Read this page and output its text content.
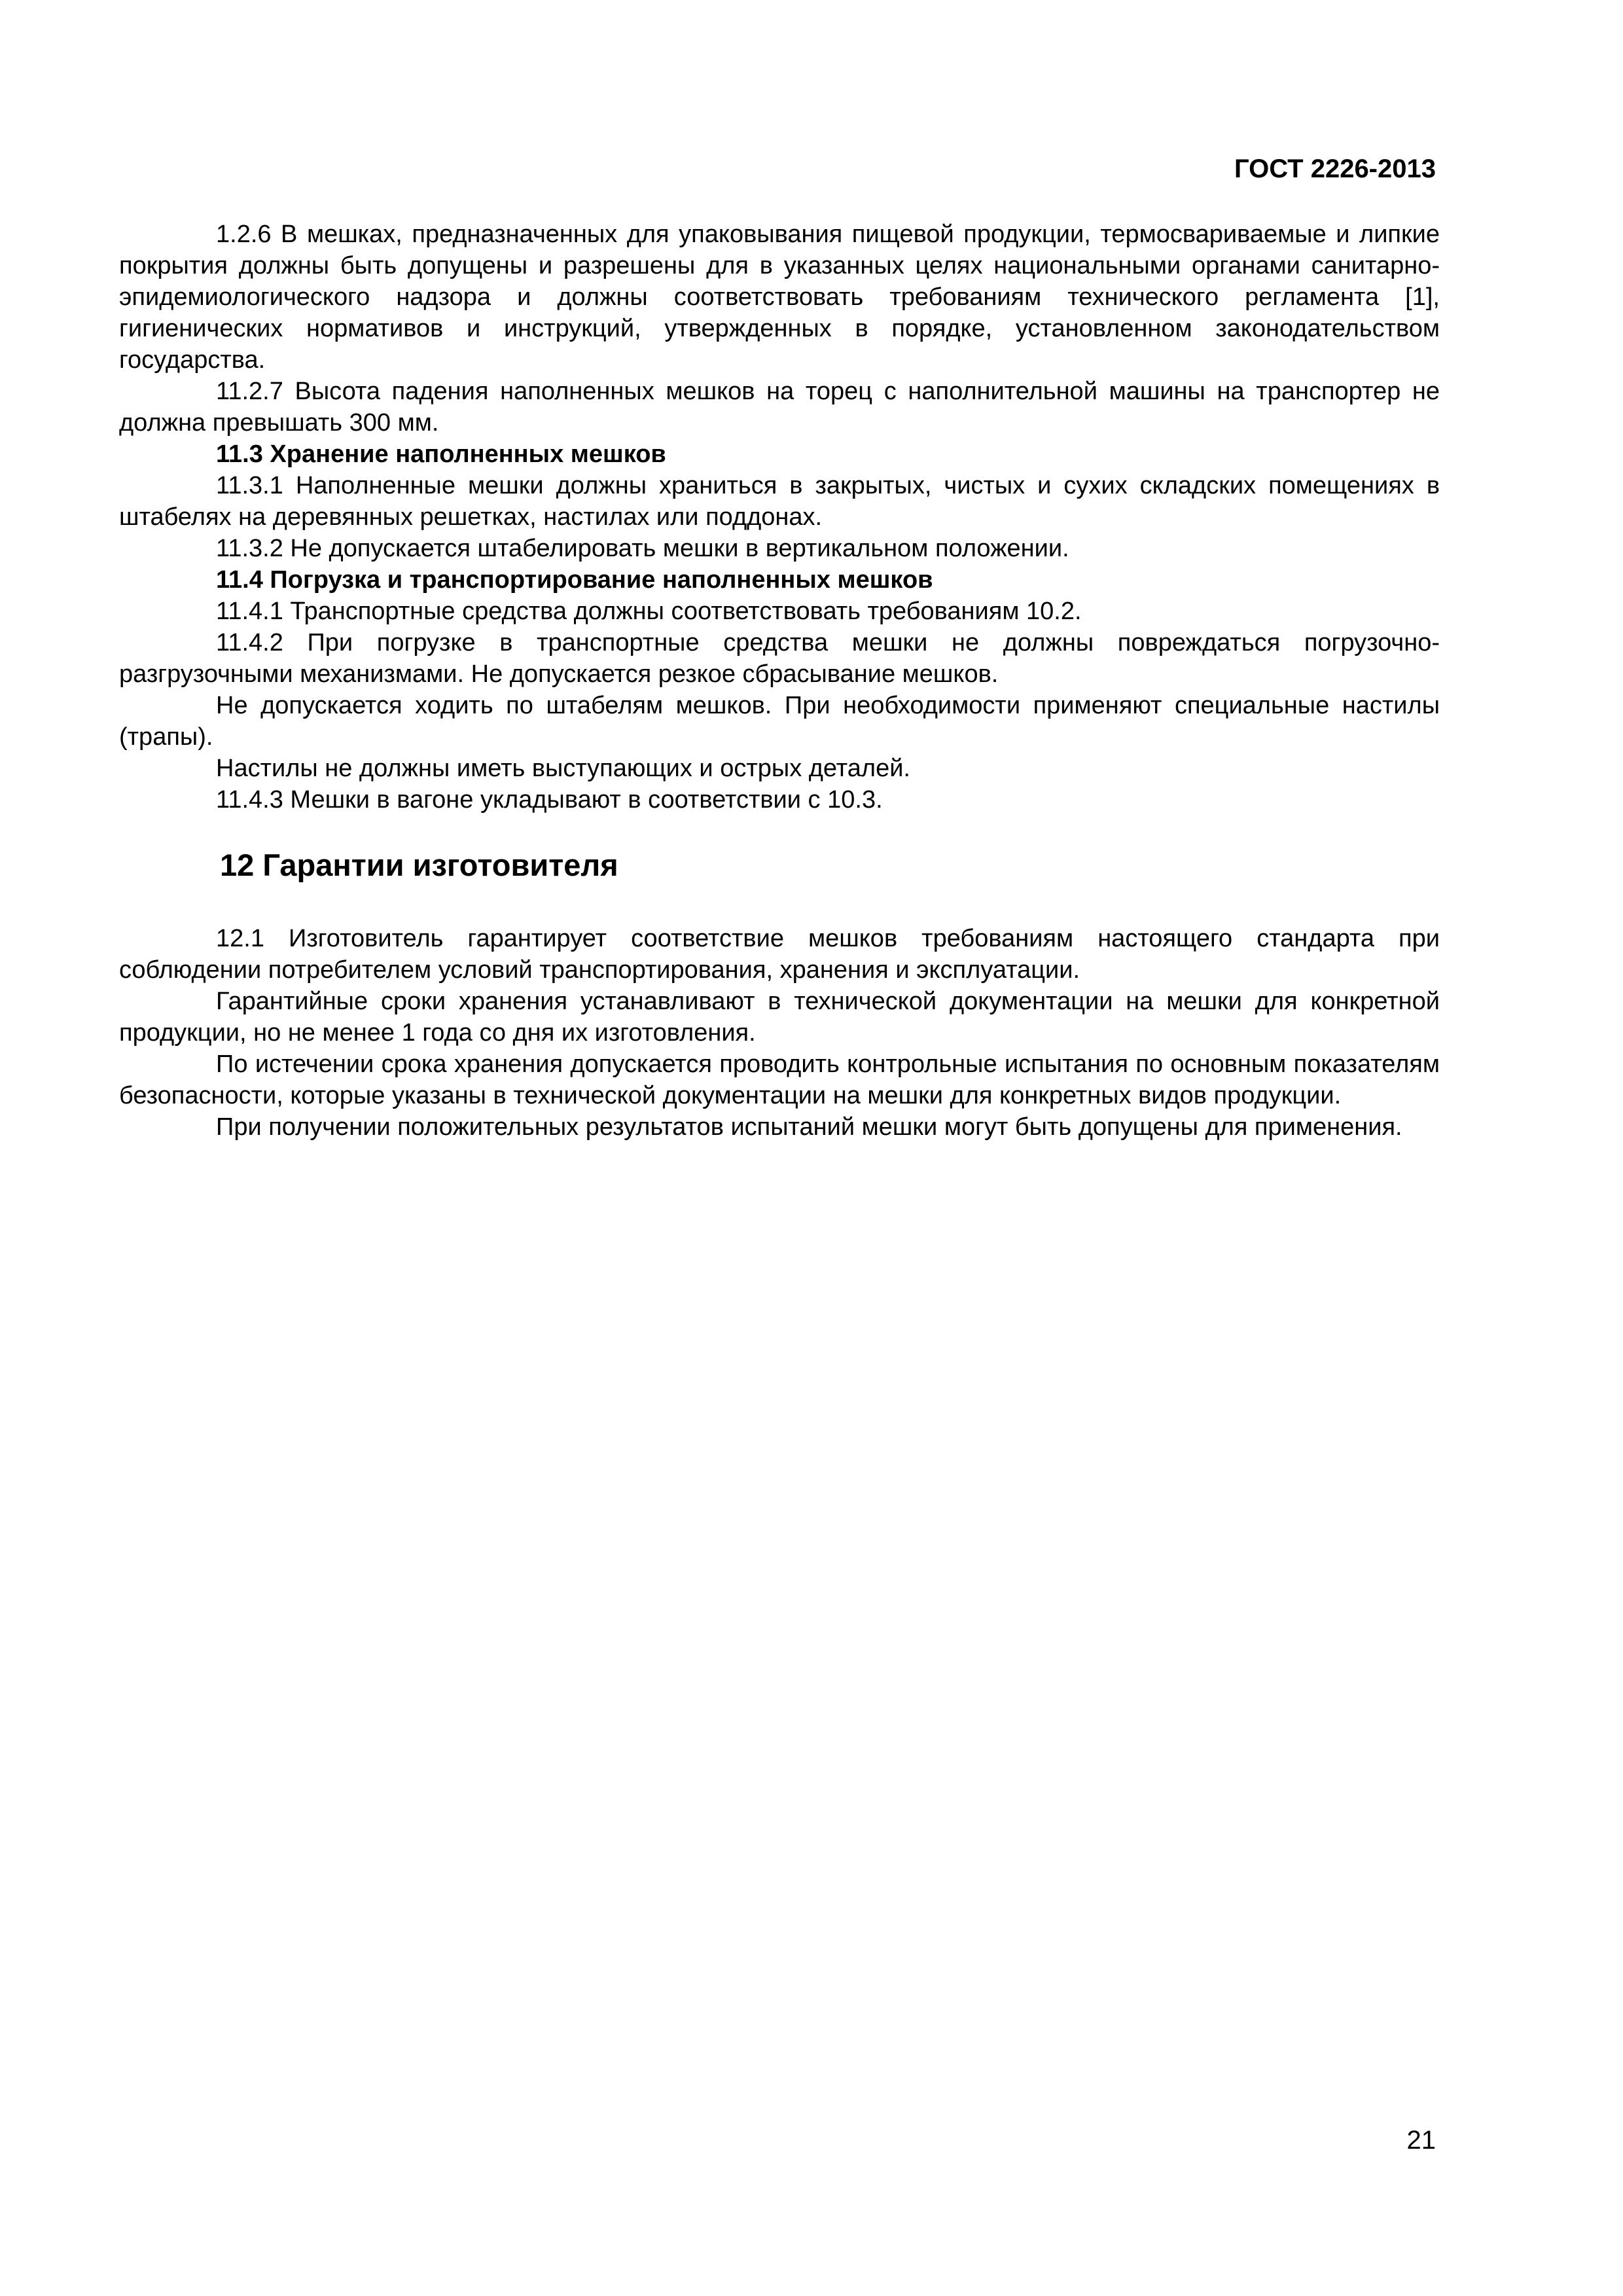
ГОСТ 2226-2013

1.2.6 В мешках, предназначенных для упаковывания пищевой продукции, термосвариваемые и липкие покрытия должны быть допущены и разрешены для в указанных целях национальными органами санитарно-эпидемиологического надзора и должны соответствовать требованиям технического регламента [1], гигиенических нормативов и инструкций, утвержденных в порядке, установленном законодательством государства.

11.2.7 Высота падения наполненных мешков на торец с наполнительной машины на транспортер не должна превышать 300 мм.

11.3 Хранение наполненных мешков

11.3.1 Наполненные мешки должны храниться в закрытых, чистых и сухих складских помещениях в штабелях на деревянных решетках, настилах или поддонах.

11.3.2 Не допускается штабелировать мешки в вертикальном положении.

11.4 Погрузка и транспортирование наполненных мешков

11.4.1 Транспортные средства должны соответствовать требованиям 10.2.

11.4.2 При погрузке в транспортные средства мешки не должны повреждаться погрузочно-разгрузочными механизмами. Не допускается резкое сбрасывание мешков.

Не допускается ходить по штабелям мешков. При необходимости применяют специальные настилы (трапы).

Настилы не должны иметь выступающих и острых деталей.

11.4.3 Мешки в вагоне укладывают в соответствии с 10.3.

12 Гарантии изготовителя

12.1 Изготовитель гарантирует соответствие мешков требованиям настоящего стандарта при соблюдении потребителем условий транспортирования, хранения и эксплуатации.

Гарантийные сроки хранения устанавливают в технической документации на мешки для конкретной продукции, но не менее 1 года со дня их изготовления.

По истечении срока хранения допускается проводить контрольные испытания по основным показателям безопасности, которые указаны в технической документации на мешки для конкретных видов продукции.

При получении положительных результатов испытаний мешки могут быть допущены для применения.

21
